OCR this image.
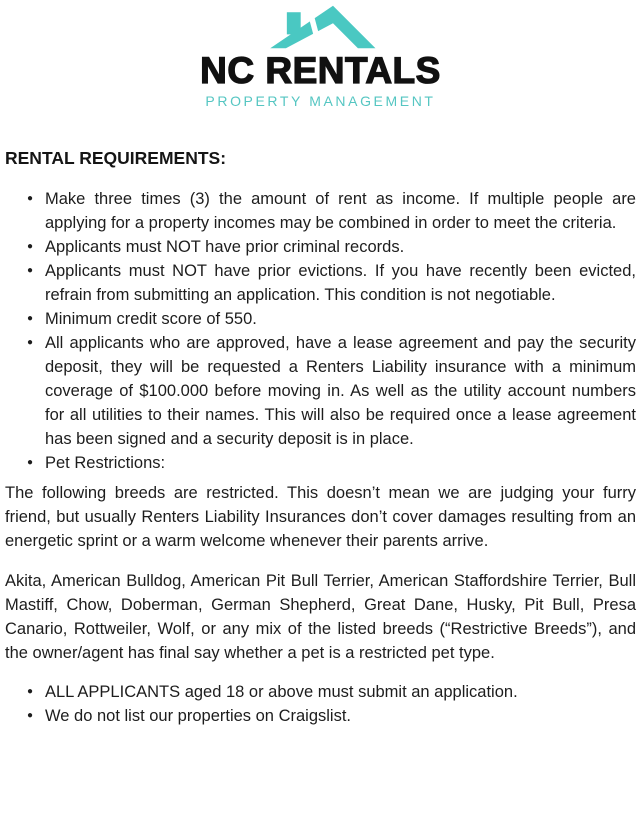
NC RENTALS
PROPERTY MANAGEMENT
RENTAL REQUIREMENTS:
● Make three times (3) the amount of rent as income. If multiple people are applying for a property incomes may be combined in order to meet the criteria.
● Applicants must NOT have prior criminal records.
● Applicants must NOT have prior evictions. If you have recently been evicted, refrain from submitting an application. This condition is not negotiable.
● Minimum credit score of 550.
● All applicants who are approved, have a lease agreement and pay the security deposit, they will be requested a Renters Liability insurance with a minimum coverage of $100.000 before moving in. As well as the utility account numbers for all utilities to their names. This will also be required once a lease agreement has been signed and a security deposit is in place.
● Pet Restrictions:

The following breeds are restricted. This doesn’t mean we are judging your furry friend, but usually Renters Liability Insurances don’t cover damages resulting from an energetic sprint or a warm welcome whenever their parents arrive.

Akita, American Bulldog, American Pit Bull Terrier, American Staffordshire Terrier, Bull Mastiff, Chow, Doberman, German Shepherd, Great Dane, Husky, Pit Bull, Presa Canario, Rottweiler, Wolf, or any mix of the listed breeds (“Restrictive Breeds”), and the owner/agent has final say whether a pet is a restricted pet type.

● ALL APPLICANTS aged 18 or above must submit an application.
● We do not list our properties on Craigslist.
